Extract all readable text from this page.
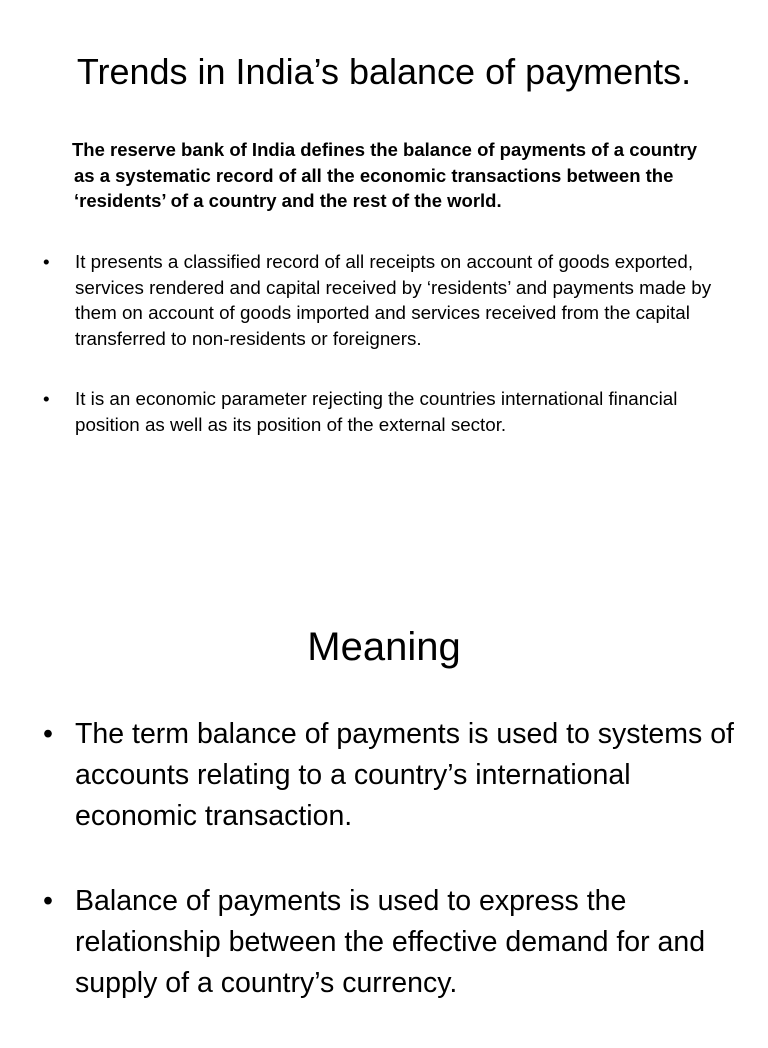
Trends in India’s balance of payments.

The reserve bank of India defines the balance of payments of a country as a systematic record of all the economic transactions between the ‘residents’ of a country and the rest of the world.

• It presents a classified record of all receipts on account of goods exported, services rendered and capital received by ‘residents’ and payments made by them on account of goods imported and services received from the capital transferred to non-residents or foreigners.
• It is an economic parameter rejecting the countries international financial position as well as its position of the external sector.
Meaning
• The term balance of payments is used to systems of accounts relating to a country’s international economic transaction.
• Balance of payments is used to express the relationship between the effective demand for and supply of a country’s currency.
